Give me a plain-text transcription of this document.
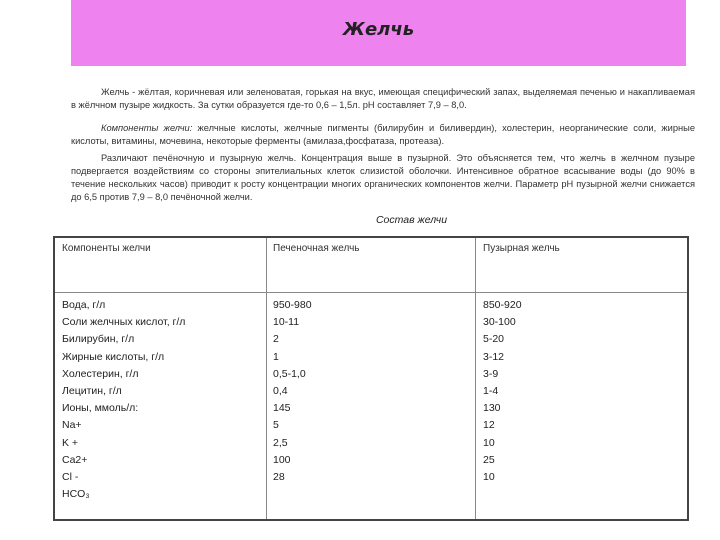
Желчь
Желчь - жёлтая, коричневая или зеленоватая, горькая на вкус, имеющая специфический запах, выделяемая печенью и накапливаемая в жёлчном пузыре жидкость. За сутки образуется где-то 0,6 – 1,5л. pH составляет 7,9 – 8,0.
Компоненты желчи: желчные кислоты, желчные пигменты (билирубин и биливердин), холестерин, неорганические соли, жирные кислоты, витамины, мочевина, некоторые ферменты (амилаза,фосфатаза, протеаза).
Различают печёночную и пузырную желчь. Концентрация выше в пузырной. Это объясняется тем, что желчь в желчном пузыре подвергается воздействиям со стороны эпителиальных клеток слизистой оболочки. Интенсивное обратное всасывание воды (до 90% в течение нескольких часов) приводит к росту концентрации многих органических компонентов желчи. Параметр рН пузырной желчи снижается до 6,5 против 7,9 – 8,0 печёночной желчи.
Состав желчи
Компоненты желчи	Печеночная желчь	Пузырная желчь
Вода, г/л
Соли желчных кислот, г/л
Билирубин, г/л
Жирные кислоты, г/л
Холестерин, г/л
Лецитин, г/л
Ионы, ммоль/л:
Na+
K +
Ca2+
Cl -
HCO₃
950-980
10-11
2
1
0,5-1,0
0,4
145
5
2,5
100
28
850-920
30-100
5-20
3-12
3-9
1-4
130
12
10
25
10
